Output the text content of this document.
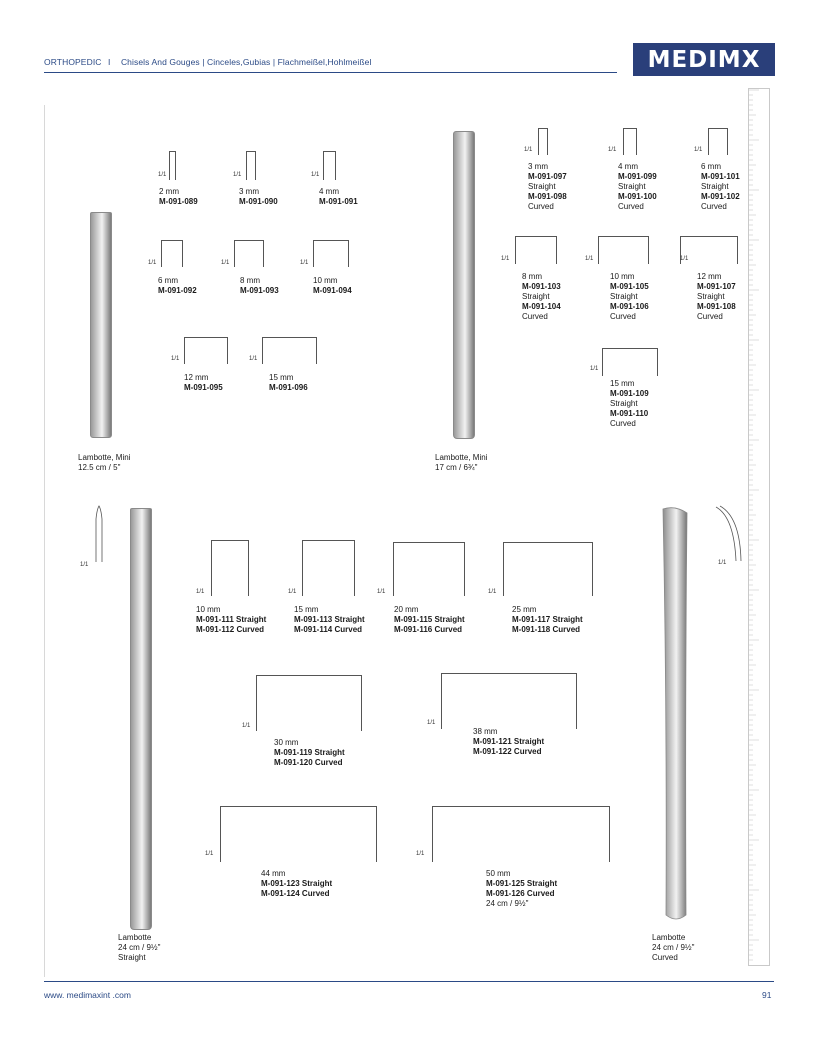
ORTHOPEDIC I Chisels And Gouges | Cinceles,Gubias | Flachmeißel,Hohlmeißel	MEDIMX
Lambotte, Mini
12.5 cm / 5"
1/1
2 mm
M-091-089
1/1
3 mm
M-091-090
1/1
4 mm
M-091-091
1/1
6 mm
M-091-092
1/1
8 mm
M-091-093
1/1
10 mm
M-091-094
1/1
12 mm
M-091-095
1/1
15 mm
M-091-096
Lambotte, Mini
17 cm / 6¾"
1/1
3 mm
M-091-097
Straight
M-091-098
Curved
1/1
4 mm
M-091-099
Straight
M-091-100
Curved
1/1
6 mm
M-091-101
Straight
M-091-102
Curved
1/1
8 mm
M-091-103
Straight
M-091-104
Curved
1/1
10 mm
M-091-105
Straight
M-091-106
Curved
1/1
12 mm
M-091-107
Straight
M-091-108
Curved
1/1
15 mm
M-091-109
Straight
M-091-110
Curved
1/1
Lambotte
24 cm / 9½"
Straight
1/1
Lambotte
24 cm / 9½"
Curved
1/1
10 mm
M-091-111 Straight
M-091-112 Curved
1/1
15 mm
M-091-113 Straight
M-091-114 Curved
1/1
20 mm
M-091-115 Straight
M-091-116 Curved
1/1
25 mm
M-091-117 Straight
M-091-118 Curved
1/1
30 mm
M-091-119 Straight
M-091-120 Curved
1/1
38 mm
M-091-121 Straight
M-091-122 Curved
1/1
44 mm
M-091-123 Straight
M-091-124 Curved
1/1
50 mm
M-091-125 Straight
M-091-126 Curved
24 cm / 9½"
www. medimaxint .com	91
